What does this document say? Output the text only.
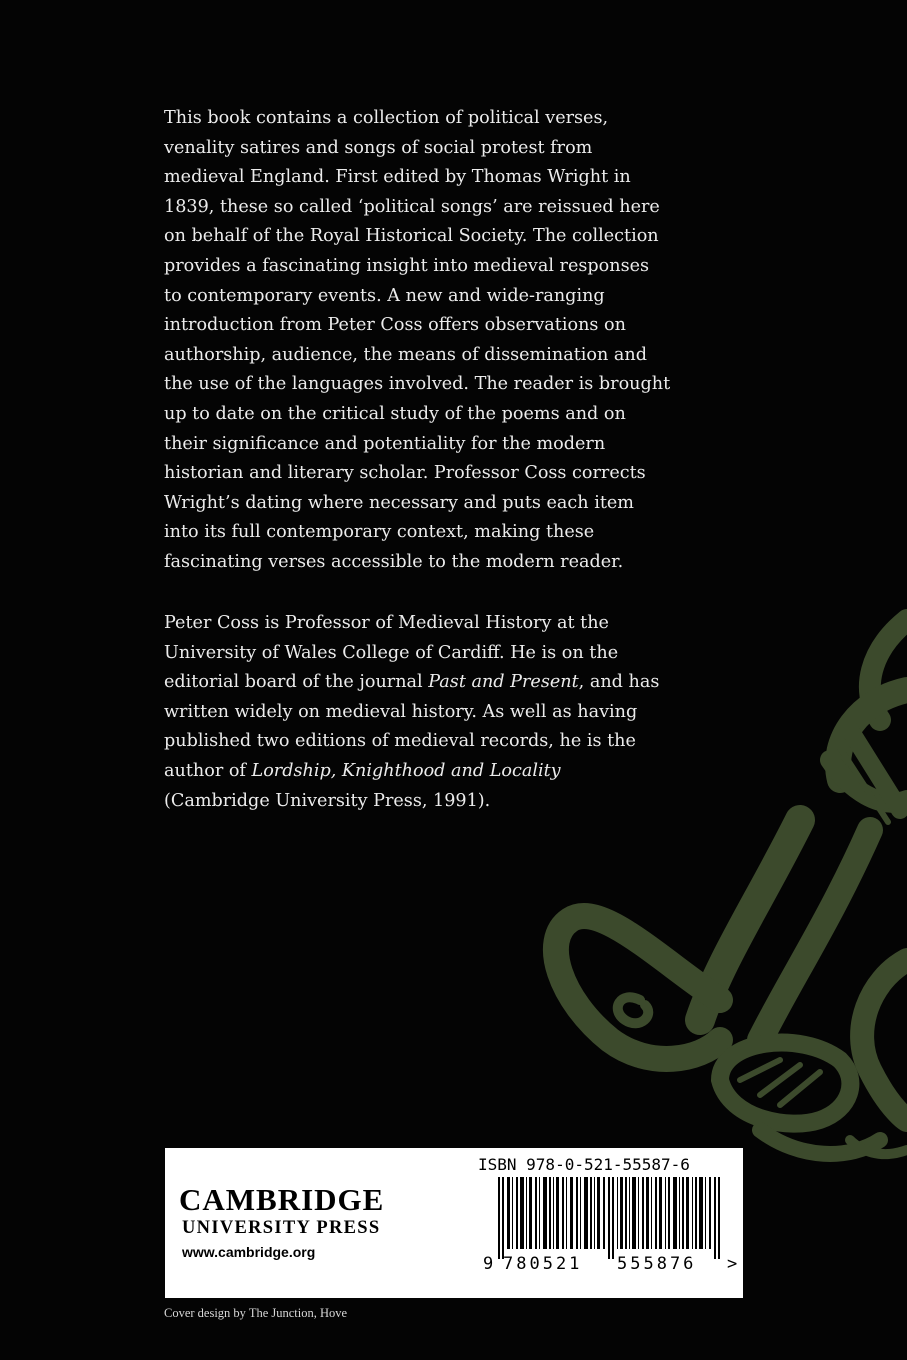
This book contains a collection of political verses,
venality satires and songs of social protest from
medieval England. First edited by Thomas Wright in
1839, these so called ‘political songs’ are reissued here
on behalf of the Royal Historical Society. The collection
provides a fascinating insight into medieval responses
to contemporary events. A new and wide-ranging
introduction from Peter Coss offers observations on
authorship, audience, the means of dissemination and
the use of the languages involved. The reader is brought
up to date on the critical study of the poems and on
their significance and potentiality for the modern
historian and literary scholar. Professor Coss corrects
Wright’s dating where necessary and puts each item
into its full contemporary context, making these
fascinating verses accessible to the modern reader.
Peter Coss is Professor of Medieval History at the
University of Wales College of Cardiff. He is on the
editorial board of the journal Past and Present, and has
written widely on medieval history. As well as having
published two editions of medieval records, he is the
author of Lordship, Knighthood and Locality
(Cambridge University Press, 1991).
CAMBRIDGE
UNIVERSITY PRESS
www.cambridge.org
ISBN 978-0-521-55587-6
9 780521 555876 >
Cover design by The Junction, Hove
